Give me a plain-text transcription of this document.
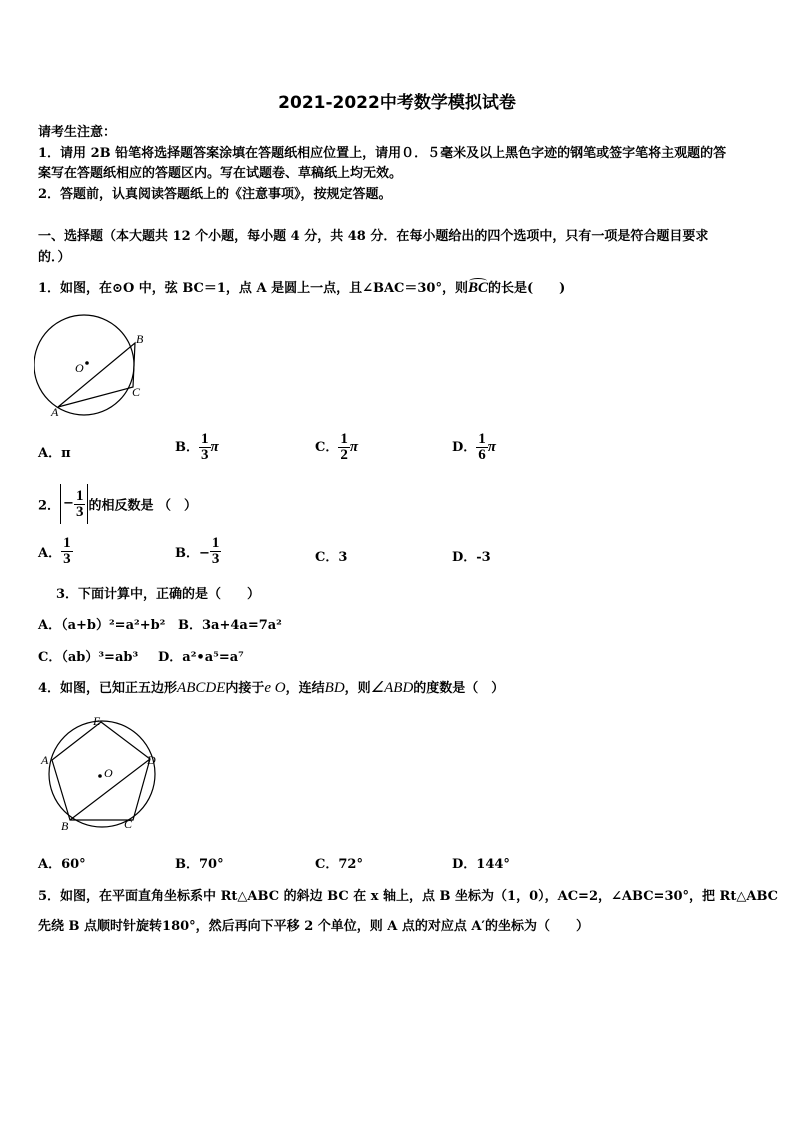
2021-2022中考数学模拟试卷
请考生注意：
1．请用 2B 铅笔将选择题答案涂填在答题纸相应位置上，请用０．５毫米及以上黑色字迹的钢笔或签字笔将主观题的答
案写在答题纸相应的答题区内。写在试题卷、草稿纸上均无效。
2．答题前，认真阅读答题纸上的《注意事项》，按规定答题。
一、选择题（本大题共 12 个小题，每小题 4 分，共 48 分．在每小题给出的四个选项中，只有一项是符合题目要求
的．）
1．如图，在⊙O 中，弦 BC＝1，点 A 是圆上一点，且∠BAC＝30°，则BC
的长是(　　)
O
A
B
C
A．π	B． $\frac{1}{3}$ π	C． $\frac{1}{2}$ π	D． $\frac{1}{6}$ π
2． − $\frac{1}{3}$ 的相反数是 （　）
A． $\frac{1}{3}$	B．− $\frac{1}{3}$	C．3	D．-3
3．下面计算中，正确的是（　　）
A．（a+b）²=a²+b² B．3a+4a=7a²
C．（ab）³=ab³ D．a²•a⁵=a⁷
4．如图，已知正五边形ABCDE内接于e O，连结BD，则∠ABD的度数是（　）
O
A
B	C
D
E
A．60°	B．70°	C．72°	D．144°
5．如图，在平面直角坐标系中 Rt△ABC 的斜边 BC 在 x 轴上，点 B 坐标为（1，0），AC=2，∠ABC=30°，把 Rt△ABC
先绕 B 点顺时针旋转180°，然后再向下平移 2 个单位，则 A 点的对应点 A′的坐标为（　　）
